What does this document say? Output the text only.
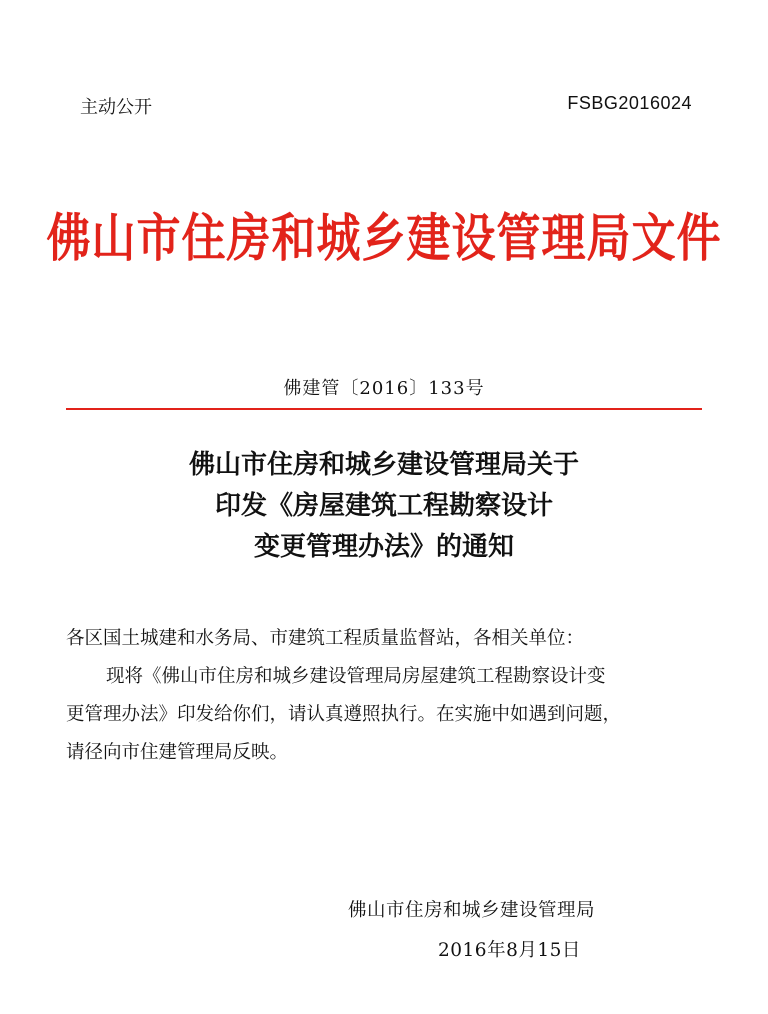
主动公开	FSBG2016024
佛山市住房和城乡建设管理局文件
佛建管〔2016〕133号
佛山市住房和城乡建设管理局关于
印发《房屋建筑工程勘察设计
变更管理办法》的通知

各区国土城建和水务局、市建筑工程质量监督站，各相关单位：

现将《佛山市住房和城乡建设管理局房屋建筑工程勘察设计变

更管理办法》印发给你们，请认真遵照执行。在实施中如遇到问题，

请径向市住建管理局反映。

佛山市住房和城乡建设管理局
2016年8月15日
